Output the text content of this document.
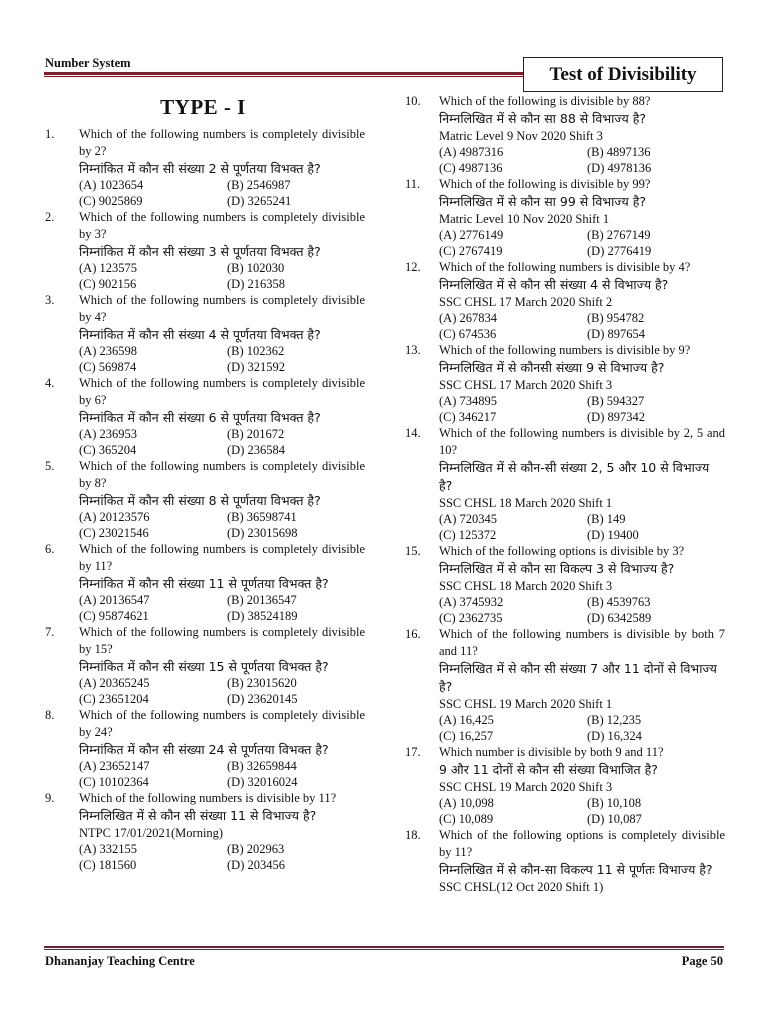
Number System
Test of Divisibility
TYPE - I
1. Which of the following numbers is completely divisible by 2?
निम्नांकित में कौन सी संख्या 2 से पूर्णतया विभक्त है?
(A) 1023654	(B) 2546987
(C) 9025869	(D) 3265241
2. Which of the following numbers is completely divisible by 3?
निम्नांकित में कौन सी संख्या 3 से पूर्णतया विभक्त है?
(A) 123575	(B) 102030
(C) 902156	(D) 216358
3. Which of the following numbers is completely divisible by 4?
निम्नांकित में कौन सी संख्या 4 से पूर्णतया विभक्त है?
(A) 236598	(B) 102362
(C) 569874	(D) 321592
4. Which of the following numbers is completely divisible by 6?
निम्नांकित में कौन सी संख्या 6 से पूर्णतया विभक्त है?
(A) 236953	(B) 201672
(C) 365204	(D) 236584
5. Which of the following numbers is completely divisible by 8?
निम्नांकित में कौन सी संख्या 8 से पूर्णतया विभक्त है?
(A) 20123576	(B) 36598741
(C) 23021546	(D) 23015698
6. Which of the following numbers is completely divisible by 11?
निम्नांकित में कौन सी संख्या 11 से पूर्णतया विभक्त है?
(A) 20136547	(B) 20136547
(C) 95874621	(D) 38524189
7. Which of the following numbers is completely divisible by 15?
निम्नांकित में कौन सी संख्या 15 से पूर्णतया विभक्त है?
(A) 20365245	(B) 23015620
(C) 23651204	(D) 23620145
8. Which of the following numbers is completely divisible by 24?
निम्नांकित में कौन सी संख्या 24 से पूर्णतया विभक्त है?
(A) 23652147	(B) 32659844
(C) 10102364	(D) 32016024
9. Which of the following numbers is divisible by 11?
निम्नलिखित में से कौन सी संख्या 11 से विभाज्य है?
NTPC 17/01/2021(Morning)
(A) 332155	(B) 202963
(C) 181560	(D) 203456
10. Which of the following is divisible by 88?
निम्नलिखित में से कौन सा 88 से विभाज्य है?
Matric Level 9 Nov 2020 Shift 3
(A) 4987316	(B) 4897136
(C) 4987136	(D) 4978136
11. Which of the following is divisible by 99?
निम्नलिखित में से कौन सा 99 से विभाज्य है?
Matric Level 10 Nov 2020 Shift 1
(A) 2776149	(B) 2767149
(C) 2767419	(D) 2776419
12. Which of the following numbers is divisible by 4?
निम्नलिखित में से कौन सी संख्या 4 से विभाज्य है?
SSC CHSL 17 March 2020 Shift 2
(A) 267834	(B) 954782
(C) 674536	(D) 897654
13. Which of the following numbers is divisible by 9?
निम्नलिखित में से कौनसी संख्या 9 से विभाज्य है?
SSC CHSL 17 March 2020 Shift 3
(A) 734895	(B) 594327
(C) 346217	(D) 897342
14. Which of the following numbers is divisible by 2, 5 and 10?
निम्नलिखित में से कौन-सी संख्या 2, 5 और 10 से विभाज्य है?
SSC CHSL 18 March 2020 Shift 1
(A) 720345	(B) 149
(C) 125372	(D) 19400
15. Which of the following options is divisible by 3?
निम्नलिखित में से कौन सा विकल्प 3 से विभाज्य है?
SSC CHSL 18 March 2020 Shift 3
(A) 3745932	(B) 4539763
(C) 2362735	(D) 6342589
16. Which of the following numbers is divisible by both 7 and 11?
निम्नलिखित में से कौन सी संख्या 7 और 11 दोनों से विभाज्य है?
SSC CHSL 19 March 2020 Shift 1
(A) 16,425	(B) 12,235
(C) 16,257	(D) 16,324
17. Which number is divisible by both 9 and 11?
9 और 11 दोनों से कौन सी संख्या विभाजित है?
SSC CHSL 19 March 2020 Shift 3
(A) 10,098	(B) 10,108
(C) 10,089	(D) 10,087
18. Which of the following options is completely divisible by 11?
निम्नलिखित में से कौन-सा विकल्प 11 से पूर्णतः विभाज्य है?
SSC CHSL(12 Oct 2020 Shift 1)
Dhananjay Teaching Centre	Page 50
